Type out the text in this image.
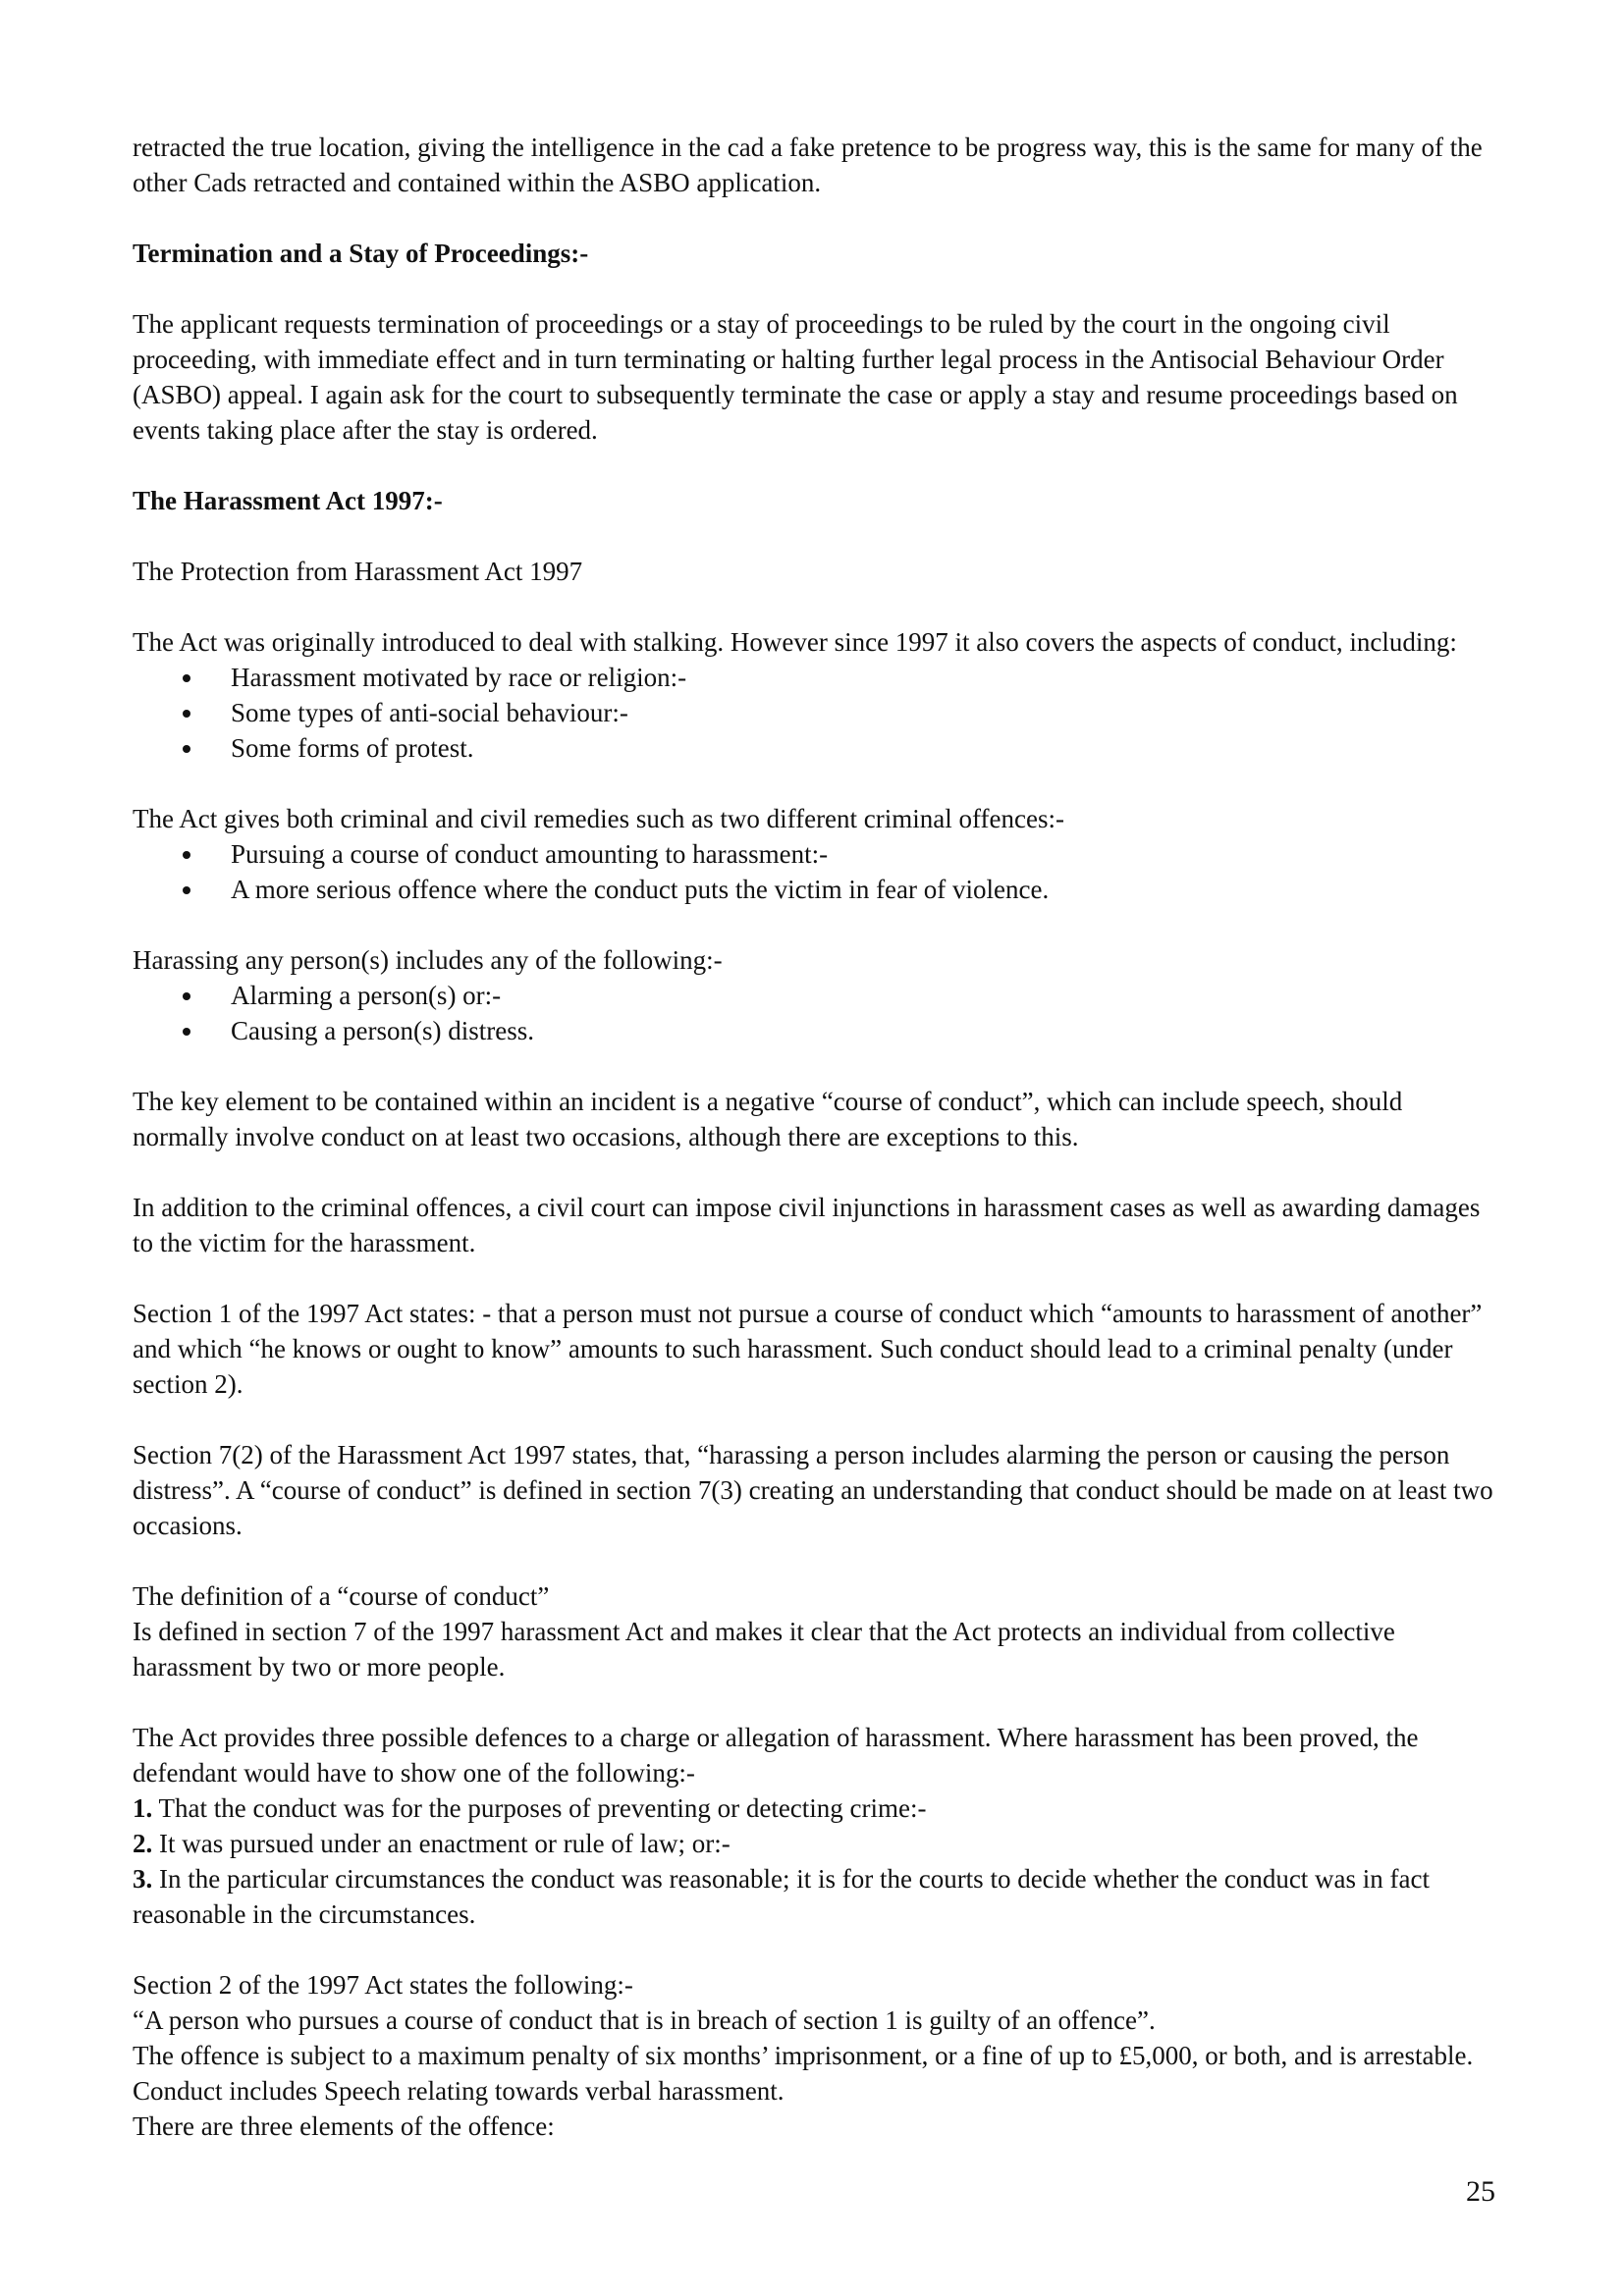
retracted the true location, giving the intelligence in the cad a fake pretence to be progress way, this is the same for many of the other Cads retracted and contained within the ASBO application.

Termination and a Stay of Proceedings:-

The applicant requests termination of proceedings or a stay of proceedings to be ruled by the court in the ongoing civil proceeding, with immediate effect and in turn terminating or halting further legal process in the Antisocial Behaviour Order (ASBO) appeal. I again ask for the court to subsequently terminate the case or apply a stay and resume proceedings based on events taking place after the stay is ordered.

The Harassment Act 1997:-

The Protection from Harassment Act 1997

The Act was originally introduced to deal with stalking. However since 1997 it also covers the aspects of conduct, including:

Harassment motivated by race or religion:-
Some types of anti-social behaviour:-
Some forms of protest.

The Act gives both criminal and civil remedies such as two different criminal offences:-

Pursuing a course of conduct amounting to harassment:-
A more serious offence where the conduct puts the victim in fear of violence.

Harassing any person(s) includes any of the following:-

Alarming a person(s) or:-
Causing a person(s) distress.

The key element to be contained within an incident is a negative “course of conduct”, which can include speech, should normally involve conduct on at least two occasions, although there are exceptions to this.

In addition to the criminal offences, a civil court can impose civil injunctions in harassment cases as well as awarding damages to the victim for the harassment.

Section 1 of the 1997 Act states: - that a person must not pursue a course of conduct which “amounts to harassment of another” and which “he knows or ought to know” amounts to such harassment. Such conduct should lead to a criminal penalty (under section 2).

Section 7(2) of the Harassment Act 1997 states, that, “harassing a person includes alarming the person or causing the person distress”. A “course of conduct” is defined in section 7(3) creating an understanding that conduct should be made on at least two occasions.

The definition of a “course of conduct”

Is defined in section 7 of the 1997 harassment Act and makes it clear that the Act protects an individual from collective harassment by two or more people.

The Act provides three possible defences to a charge or allegation of harassment. Where harassment has been proved, the defendant would have to show one of the following:-

1. That the conduct was for the purposes of preventing or detecting crime:-

2. It was pursued under an enactment or rule of law; or:-

3. In the particular circumstances the conduct was reasonable; it is for the courts to decide whether the conduct was in fact reasonable in the circumstances.

Section 2 of the 1997 Act states the following:-

“A person who pursues a course of conduct that is in breach of section 1 is guilty of an offence”.

The offence is subject to a maximum penalty of six months’ imprisonment, or a fine of up to £5,000, or both, and is arrestable. Conduct includes Speech relating towards verbal harassment.

There are three elements of the offence:

25
